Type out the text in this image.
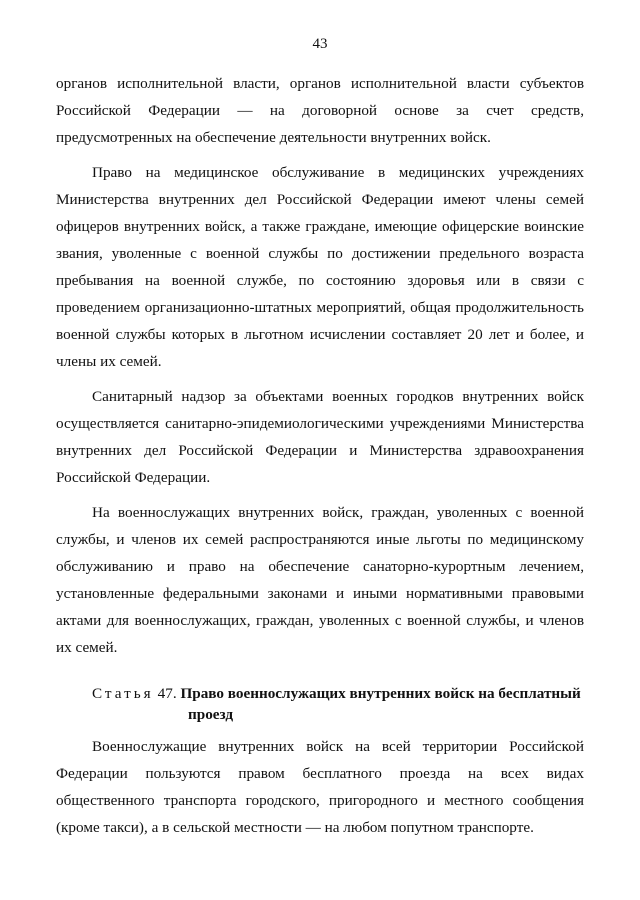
43

органов исполнительной власти, органов исполнительной власти субъектов Российской Федерации — на договорной основе за счет средств, предусмотренных на обеспечение деятельности внутренних войск.

Право на медицинское обслуживание в медицинских учреждениях Министерства внутренних дел Российской Федерации имеют члены семей офицеров внутренних войск, а также граждане, имеющие офицерские воинские звания, уволенные с военной службы по достижении предельного возраста пребывания на военной службе, по состоянию здоровья или в связи с проведением организационно-штатных мероприятий, общая продолжительность военной службы которых в льготном исчислении составляет 20 лет и более, и члены их семей.

Санитарный надзор за объектами военных городков внутренних войск осуществляется санитарно-эпидемиологическими учреждениями Министерства внутренних дел Российской Федерации и Министерства здравоохранения Российской Федерации.

На военнослужащих внутренних войск, граждан, уволенных с военной службы, и членов их семей распространяются иные льготы по медицинскому обслуживанию и право на обеспечение санаторно-курортным лечением, установленные федеральными законами и иными нормативными правовыми актами для военнослужащих, граждан, уволенных с военной службы, и членов их семей.

Статья 47. Право военнослужащих внутренних войск на бесплатный
проезд

Военнослужащие внутренних войск на всей территории Российской Федерации пользуются правом бесплатного проезда на всех видах общественного транспорта городского, пригородного и местного сообщения (кроме такси), а в сельской местности — на любом попутном транспорте.
